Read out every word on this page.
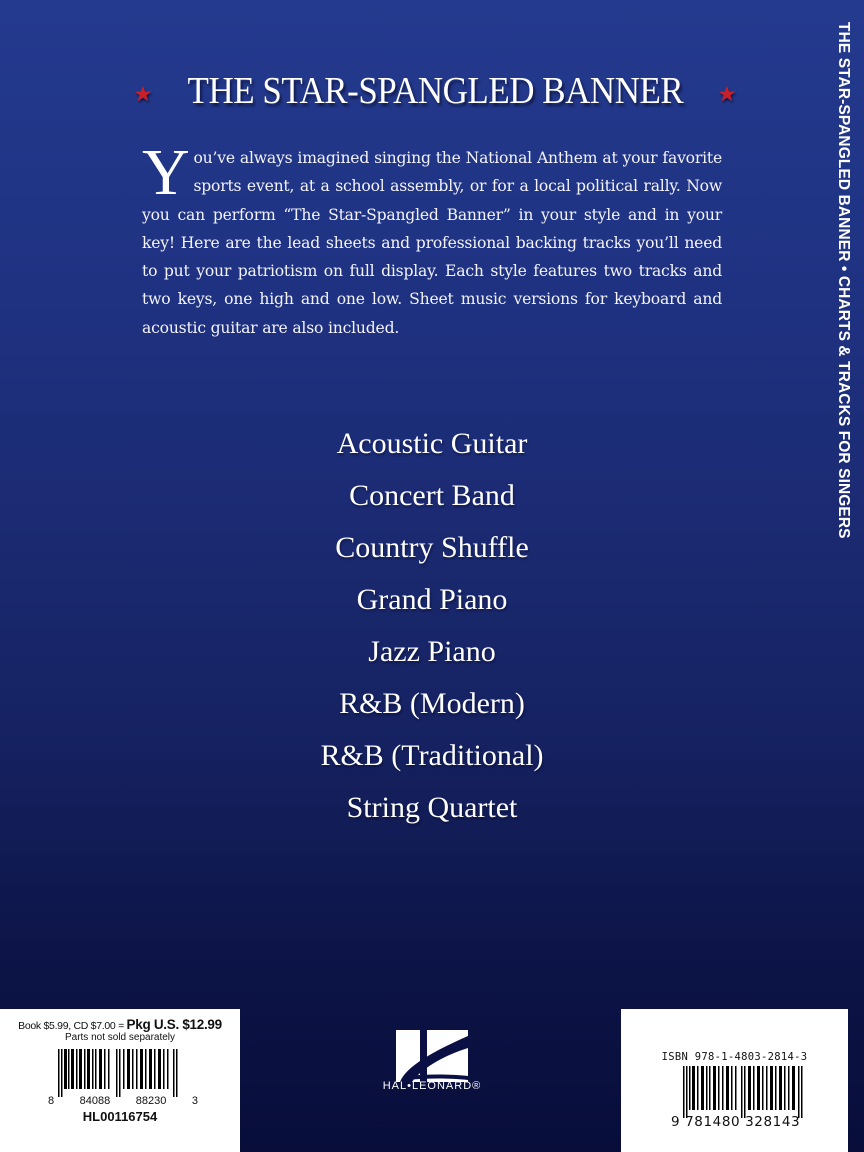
THE STAR-SPANGLED BANNER
You’ve always imagined singing the National Anthem at your favorite sports event, at a school assembly, or for a local political rally. Now you can perform “The Star-Spangled Banner” in your style and in your key! Here are the lead sheets and professional backing tracks you’ll need to put your patriotism on full display. Each style features two tracks and two keys, one high and one low. Sheet music versions for keyboard and acoustic guitar are also included.
Acoustic Guitar
Concert Band
Country Shuffle
Grand Piano
Jazz Piano
R&B (Modern)
R&B (Traditional)
String Quartet
THE STAR-SPANGLED BANNER • CHARTS & TRACKS FOR SINGERS
Book $5.99, CD $7.00 = Pkg U.S. $12.99
Parts not sold separately
8 84088 88230 3
HL00116754
HAL•LEONARD®
ISBN 978-1-4803-2814-3
9 781480 328143
